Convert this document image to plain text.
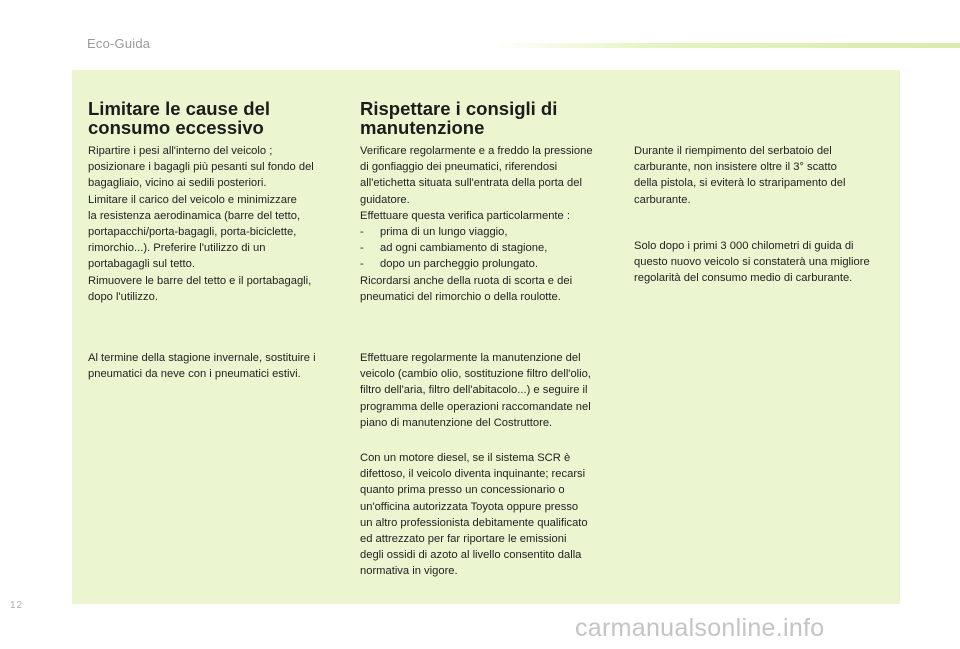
Eco-Guida
Limitare le cause del
consumo eccessivo

Ripartire i pesi all'interno del veicolo ;
posizionare i bagagli più pesanti sul fondo del
bagagliaio, vicino ai sedili posteriori.
Limitare il carico del veicolo e minimizzare
la resistenza aerodinamica (barre del tetto,
portapacchi/porta-bagagli, porta-biciclette,
rimorchio...). Preferire l'utilizzo di un
portabagagli sul tetto.
Rimuovere le barre del tetto e il portabagagli,
dopo l'utilizzo.

Al termine della stagione invernale, sostituire i
pneumatici da neve con i pneumatici estivi.

Rispettare i consigli di
manutenzione

Verificare regolarmente e a freddo la pressione
di gonfiaggio dei pneumatici, riferendosi
all'etichetta situata sull'entrata della porta del
guidatore.
Effettuare questa verifica particolarmente :

- prima di un lungo viaggio,
- ad ogni cambiamento di stagione,
- dopo un parcheggio prolungato.

Ricordarsi anche della ruota di scorta e dei
pneumatici del rimorchio o della roulotte.

Effettuare regolarmente la manutenzione del
veicolo (cambio olio, sostituzione filtro dell'olio,
filtro dell'aria, filtro dell'abitacolo...) e seguire il
programma delle operazioni raccomandate nel
piano di manutenzione del Costruttore.

Con un motore diesel, se il sistema SCR è
difettoso, il veicolo diventa inquinante; recarsi
quanto prima presso un concessionario o
un'officina autorizzata Toyota oppure presso
un altro professionista debitamente qualificato
ed attrezzato per far riportare le emissioni
degli ossidi di azoto al livello consentito dalla
normativa in vigore.

Durante il riempimento del serbatoio del
carburante, non insistere oltre il 3° scatto
della pistola, si eviterà lo straripamento del
carburante.

Solo dopo i primi 3 000 chilometri di guida di
questo nuovo veicolo si constaterà una migliore
regolarità del consumo medio di carburante.

12
carmanualsonline.info
